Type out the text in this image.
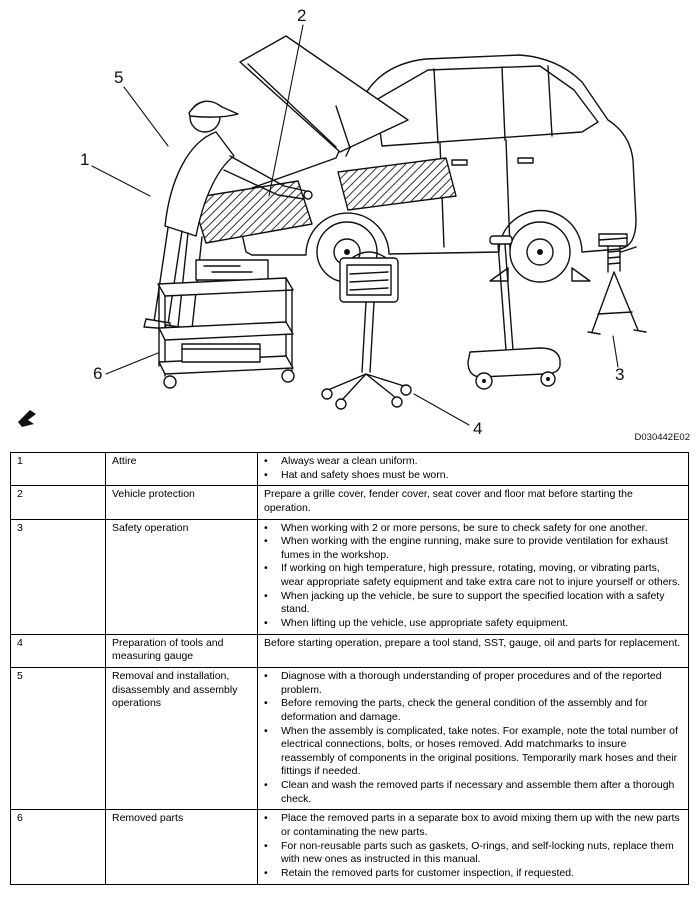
2
5
1
6
4
3
D030442E02
1	Attire	• Always wear a clean uniform.
• Hat and safety shoes must be worn.

2	Vehicle protection	Prepare a grille cover, fender cover, seat cover and floor mat before starting the operation.

3	Safety operation	•	When working with 2 or more persons, be sure to check safety for one another.
•	When working with the engine running, make sure to provide ventilation for exhaust fumes in the workshop.
•	If working on high temperature, high pressure, rotating, moving, or vibrating parts, wear appropriate safety equipment and take extra care not to injure yourself or others.
•	When jacking up the vehicle, be sure to support the specified location with a safety stand.
•	When lifting up the vehicle, use appropriate safety equipment.

4	Preparation of tools and measuring gauge	Before starting operation, prepare a tool stand, SST, gauge, oil and parts for replacement.

5	Removal and installation, disassembly and assembly operations	
•	Diagnose with a thorough understanding of proper procedures and of the reported problem.
•	Before removing the parts, check the general condition of the assembly and for deformation and damage.
•	When the assembly is complicated, take notes. For example, note the total number of electrical connections, bolts, or hoses removed. Add matchmarks to insure reassembly of components in the original positions. Temporarily mark hoses and their fittings if needed.
•	Clean and wash the removed parts if necessary and assemble them after a thorough check.

6	Removed parts	•	Place the removed parts in a separate box to avoid mixing them up with the new parts or contaminating the new parts.
•	For non-reusable parts such as gaskets, O-rings, and self-locking nuts, replace them with new ones as instructed in this manual.
•	Retain the removed parts for customer inspection, if requested.
